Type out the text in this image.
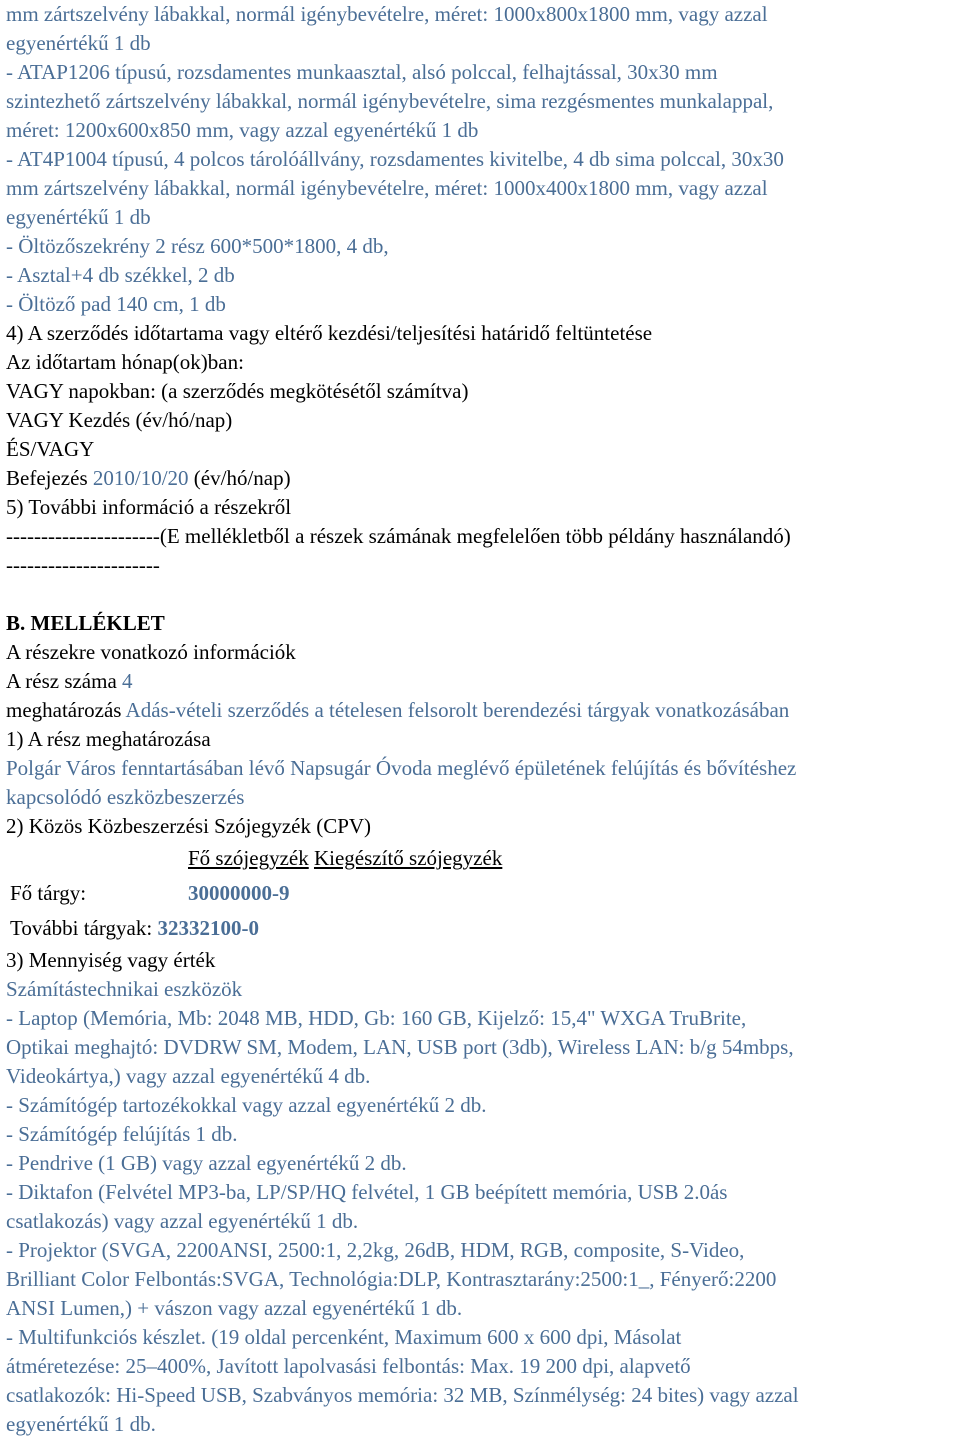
mm zártszelvény lábakkal, normál igénybevételre, méret: 1000x800x1800 mm, vagy azzal
egyenértékű 1 db
- ATAP1206 típusú, rozsdamentes munkaasztal, alsó polccal, felhajtással, 30x30 mm
szintezhető zártszelvény lábakkal, normál igénybevételre, sima rezgésmentes munkalappal,
méret: 1200x600x850 mm, vagy azzal egyenértékű 1 db
- AT4P1004 típusú, 4 polcos tárolóállvány, rozsdamentes kivitelbe, 4 db sima polccal, 30x30
mm zártszelvény lábakkal, normál igénybevételre, méret: 1000x400x1800 mm, vagy azzal
egyenértékű 1 db
- Öltözőszekrény 2 rész 600*500*1800, 4 db,
- Asztal+4 db székkel, 2 db
- Öltöző pad 140 cm, 1 db
4) A szerződés időtartama vagy eltérő kezdési/teljesítési határidő feltüntetése
Az időtartam hónap(ok)ban:
VAGY napokban: (a szerződés megkötésétől számítva)
VAGY Kezdés (év/hó/nap)
ÉS/VAGY
Befejezés 2010/10/20 (év/hó/nap)
5) További információ a részekről
----------------------(E mellékletből a részek számának megfelelően több példány használandó)
----------------------
B. MELLÉKLET
A részekre vonatkozó információk
A rész száma 4
meghatározás Adás-vételi szerződés a tételesen felsorolt berendezési tárgyak vonatkozásában
1) A rész meghatározása
Polgár Város fenntartásában lévő Napsugár Óvoda meglévő épületének felújítás és bővítéshez
kapcsolódó eszközbeszerzés
2) Közös Közbeszerzési Szójegyzék (CPV)
Fő szójegyzék Kiegészítő szójegyzék
Fő tárgy:	30000000-9
További tárgyak: 32332100-0
3) Mennyiség vagy érték
Számítástechnikai eszközök
- Laptop (Memória, Mb: 2048 MB, HDD, Gb: 160 GB, Kijelző: 15,4" WXGA TruBrite,
Optikai meghajtó: DVDRW SM, Modem, LAN, USB port (3db), Wireless LAN: b/g 54mbps,
Videokártya,) vagy azzal egyenértékű 4 db.
- Számítógép tartozékokkal vagy azzal egyenértékű 2 db.
- Számítógép felújítás 1 db.
- Pendrive (1 GB) vagy azzal egyenértékű 2 db.
- Diktafon (Felvétel MP3-ba, LP/SP/HQ felvétel, 1 GB beépített memória, USB 2.0ás
csatlakozás) vagy azzal egyenértékű 1 db.
- Projektor (SVGA, 2200ANSI, 2500:1, 2,2kg, 26dB, HDM, RGB, composite, S-Video,
Brilliant Color Felbontás:SVGA, Technológia:DLP, Kontrasztarány:2500:1_, Fényerő:2200
ANSI Lumen,) + vászon vagy azzal egyenértékű 1 db.
- Multifunkciós készlet. (19 oldal percenként, Maximum 600 x 600 dpi, Másolat
átméretezése: 25–400%, Javított lapolvasási felbontás: Max. 19 200 dpi, alapvető
csatlakozók: Hi-Speed USB, Szabványos memória: 32 MB, Színmélység: 24 bites) vagy azzal
egyenértékű 1 db.
